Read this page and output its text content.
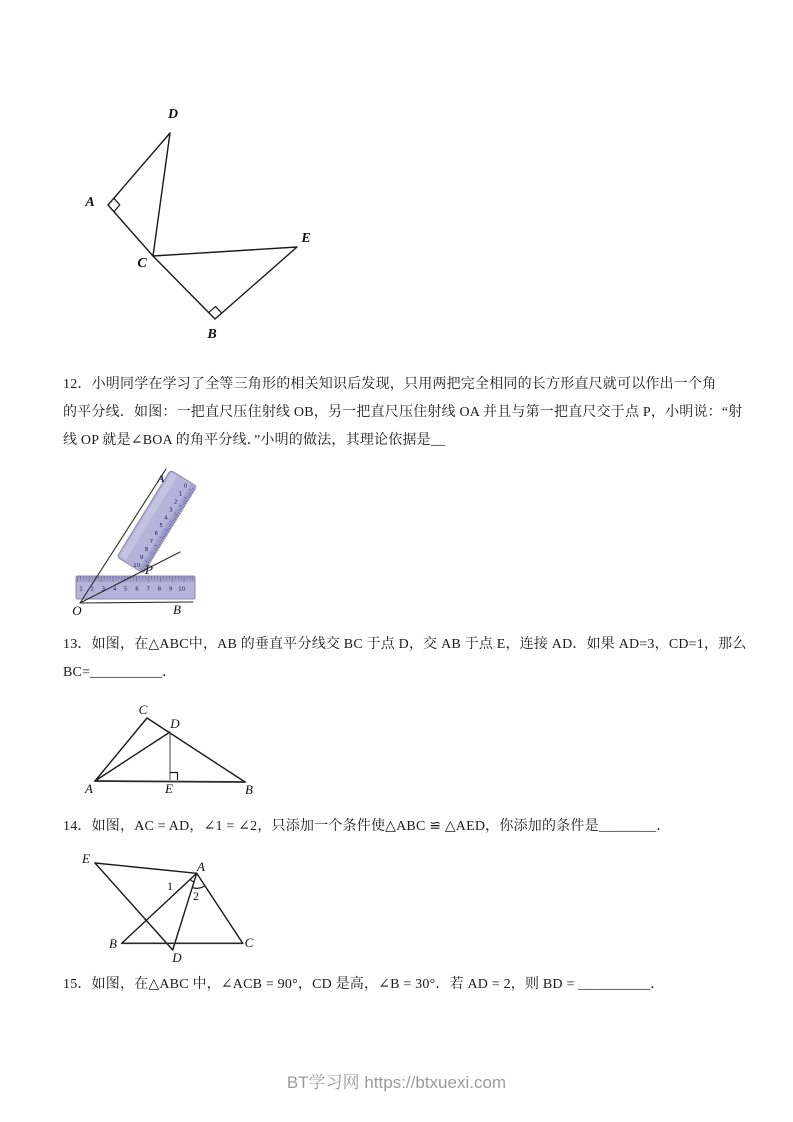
D
A
C
E
B
12．小明同学在学习了全等三角形的相关知识后发现，只用两把完全相同的长方形直尺就可以作出一个角
的平分线．如图：一把直尺压住射线 OB，另一把直尺压住射线 OA 并且与第一把直尺交于点 P，小明说：“射
线 OP 就是∠BOA 的角平分线．”小明的做法，其理论依据是__
0
1
2
3
4
5
6
7
8
9
10
1 2 3 4 5 6 7 8 9 10
A
P
O	B
13．如图，在△ABC中，AB 的垂直平分线交 BC 于点 D，交 AB 于点 E，连接 AD．如果 AD=3，CD=1，那么
BC=__________．
C
D
A	E	B
14．如图，AC = AD，∠1 = ∠2，只添加一个条件使△ABC ≌ △AED，你添加的条件是________．
E
A
B	C
D
1
2
15．如图，在△ABC 中，∠ACB = 90°，CD 是高，∠B = 30°．若 AD = 2，则 BD = __________．
BT学习网 https://btxuexi.com
